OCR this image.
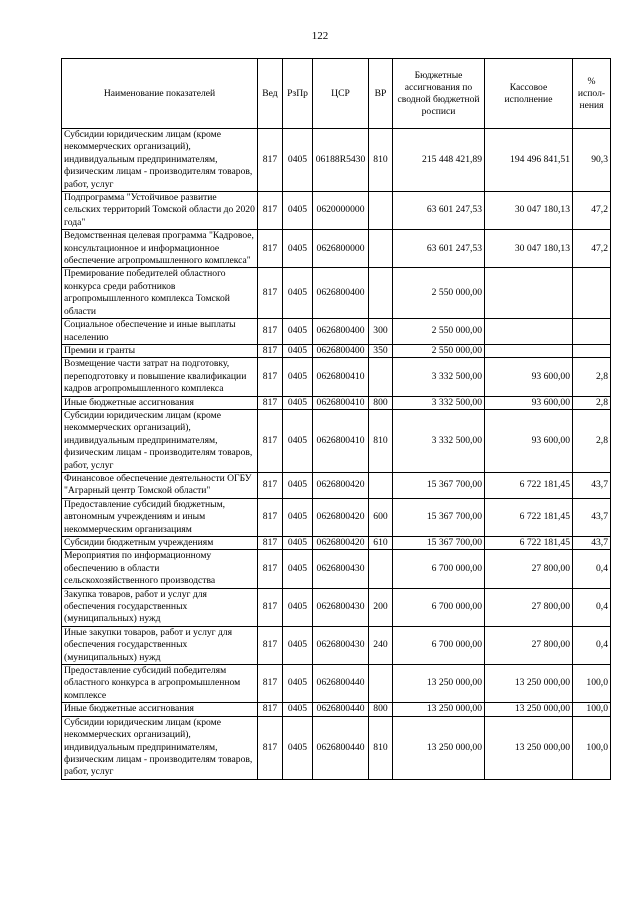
122
Наименование показателей	Вед	РзПр	ЦСР	ВР	Бюджетные ассигнования по сводной бюджетной росписи	Кассовое исполнение	% испол-нения
Субсидии юридическим лицам (кроме некоммерческих организаций), индивидуальным предпринимателям, физическим лицам - производителям товаров, работ, услуг	817	0405	06188R5430	810	215 448 421,89	194 496 841,51	90,3
Подпрограмма "Устойчивое развитие сельских территорий Томской области до 2020 года"	817	0405	0620000000		63 601 247,53	30 047 180,13	47,2
Ведомственная целевая программа "Кадровое, консультационное и информационное обеспечение агропромышленного комплекса"	817	0405	0626800000		63 601 247,53	30 047 180,13	47,2
Премирование победителей областного конкурса среди работников агропромышленного комплекса Томской области	817	0405	0626800400		2 550 000,00		
Социальное обеспечение и иные выплаты населению	817	0405	0626800400	300	2 550 000,00		
Премии и гранты	817	0405	0626800400	350	2 550 000,00		
Возмещение части затрат на подготовку, переподготовку и повышение квалификации кадров агропромышленного комплекса	817	0405	0626800410		3 332 500,00	93 600,00	2,8
Иные бюджетные ассигнования	817	0405	0626800410	800	3 332 500,00	93 600,00	2,8
Субсидии юридическим лицам (кроме некоммерческих организаций), индивидуальным предпринимателям, физическим лицам - производителям товаров, работ, услуг	817	0405	0626800410	810	3 332 500,00	93 600,00	2,8
Финансовое обеспечение деятельности ОГБУ "Аграрный центр Томской области"	817	0405	0626800420		15 367 700,00	6 722 181,45	43,7
Предоставление субсидий бюджетным, автономным учреждениям и иным некоммерческим организациям	817	0405	0626800420	600	15 367 700,00	6 722 181,45	43,7
Субсидии бюджетным учреждениям	817	0405	0626800420	610	15 367 700,00	6 722 181,45	43,7
Мероприятия по информационному обеспечению в области сельскохозяйственного производства	817	0405	0626800430		6 700 000,00	27 800,00	0,4
Закупка товаров, работ и услуг для обеспечения государственных (муниципальных) нужд	817	0405	0626800430	200	6 700 000,00	27 800,00	0,4
Иные закупки товаров, работ и услуг для обеспечения государственных (муниципальных) нужд	817	0405	0626800430	240	6 700 000,00	27 800,00	0,4
Предоставление субсидий победителям областного конкурса в агропромышленном комплексе	817	0405	0626800440		13 250 000,00	13 250 000,00	100,0
Иные бюджетные ассигнования	817	0405	0626800440	800	13 250 000,00	13 250 000,00	100,0
Субсидии юридическим лицам (кроме некоммерческих организаций), индивидуальным предпринимателям, физическим лицам - производителям товаров, работ, услуг	817	0405	0626800440	810	13 250 000,00	13 250 000,00	100,0
